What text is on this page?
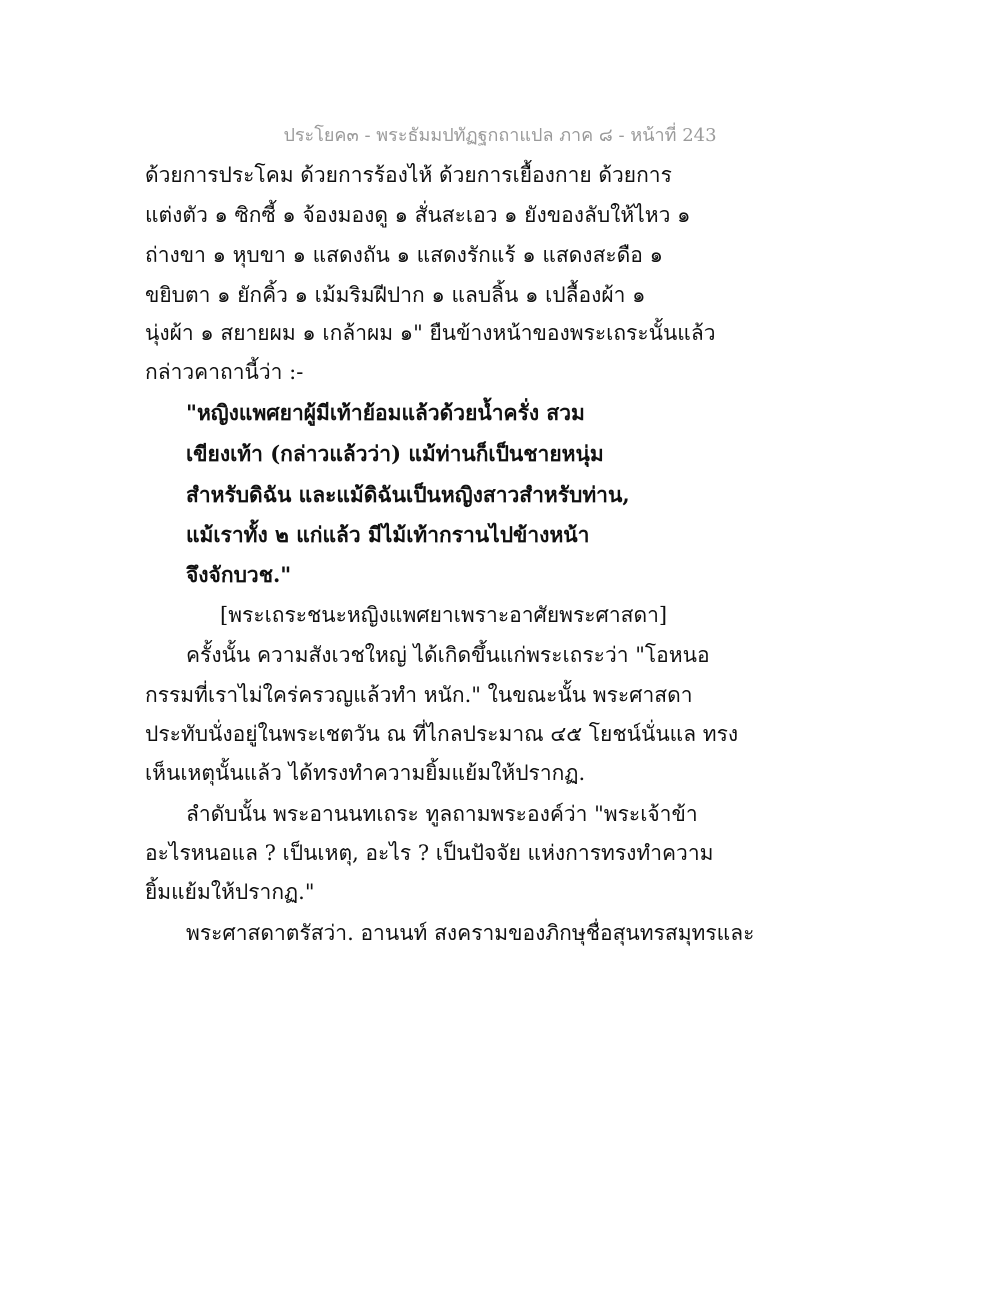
ประโยค๓ - พระธัมมปทัฏฐกถาแปล ภาค ๘ - หน้าที่ 243
ด้วยการประโคม ด้วยการร้องไห้ ด้วยการเยื้องกาย ด้วยการ
แต่งตัว ๑ ซิกซี้ ๑ จ้องมองดู ๑ สั่นสะเอว ๑ ยังของลับให้ไหว ๑
ถ่างขา ๑ หุบขา ๑ แสดงถัน ๑ แสดงรักแร้ ๑ แสดงสะดือ ๑
ขยิบตา ๑ ยักคิ้ว ๑ เม้มริมฝีปาก ๑ แลบลิ้น ๑ เปลื้องผ้า ๑
นุ่งผ้า ๑ สยายผม ๑ เกล้าผม ๑" ยืนข้างหน้าของพระเถระนั้นแล้ว
กล่าวคาถานี้ว่า :-
"หญิงแพศยาผู้มีเท้าย้อมแล้วด้วยน้ำครั่ง สวม
เขียงเท้า (กล่าวแล้วว่า) แม้ท่านก็เป็นชายหนุ่ม
สำหรับดิฉัน และแม้ดิฉันเป็นหญิงสาวสำหรับท่าน,
แม้เราทั้ง ๒ แก่แล้ว มีไม้เท้ากรานไปข้างหน้า
จึงจักบวช."
[พระเถระชนะหญิงแพศยาเพราะอาศัยพระศาสดา]
ครั้งนั้น ความสังเวชใหญ่ ได้เกิดขึ้นแก่พระเถระว่า "โอหนอ
กรรมที่เราไม่ใคร่ครวญแล้วทำ หนัก." ในขณะนั้น พระศาสดา
ประทับนั่งอยู่ในพระเชตวัน ณ ที่ไกลประมาณ ๔๕ โยชน์นั่นแล ทรง
เห็นเหตุนั้นแล้ว ได้ทรงทำความยิ้มแย้มให้ปรากฏ.
ลำดับนั้น พระอานนทเถระ ทูลถามพระองค์ว่า "พระเจ้าข้า
อะไรหนอแล ? เป็นเหตุ, อะไร ? เป็นปัจจัย แห่งการทรงทำความ
ยิ้มแย้มให้ปรากฏ."
พระศาสดาตรัสว่า. อานนท์ สงครามของภิกษุชื่อสุนทรสมุทรและ
